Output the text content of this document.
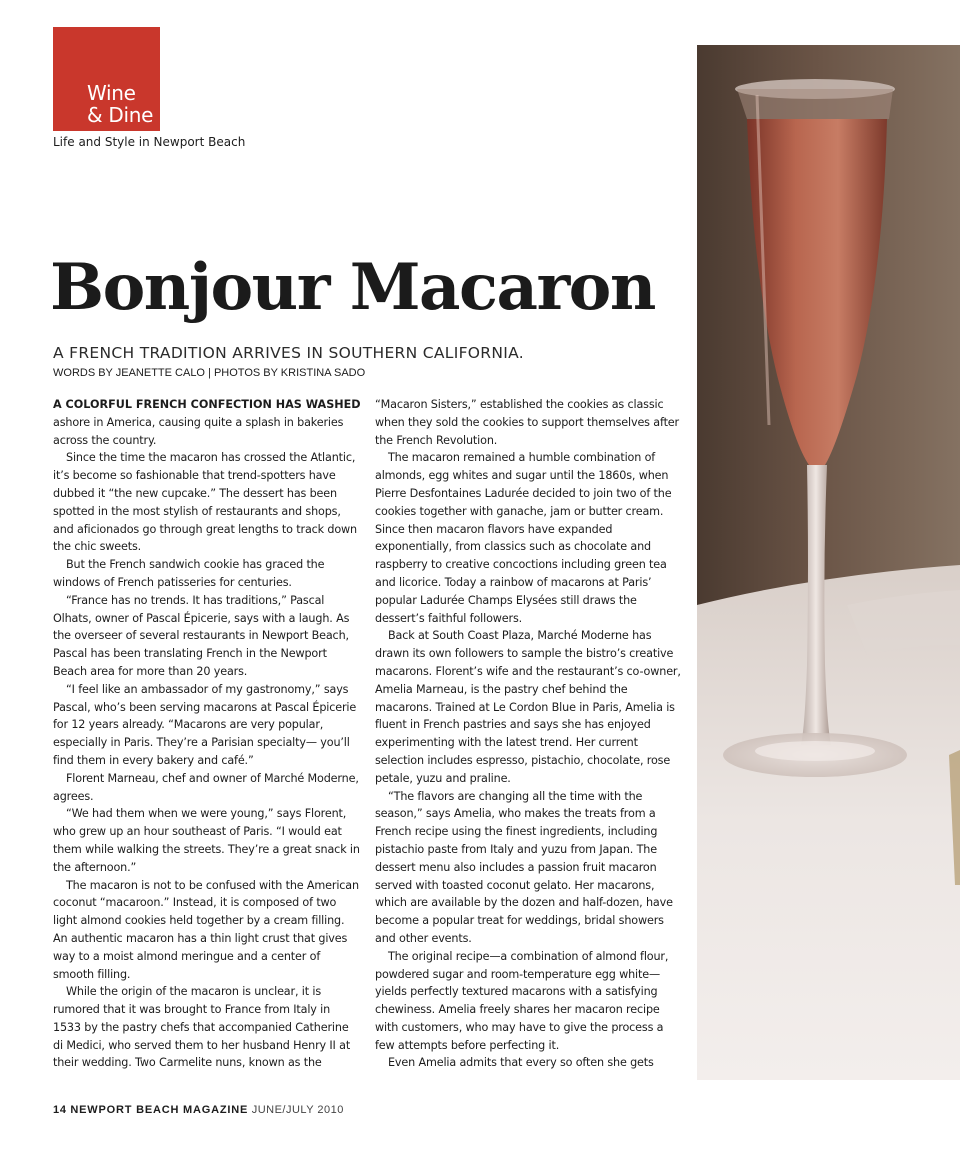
Wine
& Dine
Life and Style in Newport Beach
Bonjour Macaron
A FRENCH TRADITION ARRIVES IN SOUTHERN CALIFORNIA.
WORDS BY JEANETTE CALO | PHOTOS BY KRISTINA SADO

A COLORFUL FRENCH CONFECTION HAS WASHED ashore in America, causing quite a splash in bakeries across the country.

Since the time the macaron has crossed the Atlantic, it’s become so fashionable that trend-spotters have dubbed it “the new cupcake.” The dessert has been spotted in the most stylish of restaurants and shops, and aficionados go through great lengths to track down the chic sweets.

But the French sandwich cookie has graced the windows of French patisseries for centuries.

“France has no trends. It has traditions,” Pascal Olhats, owner of Pascal Épicerie, says with a laugh. As the overseer of several restaurants in Newport Beach, Pascal has been translating French in the Newport Beach area for more than 20 years.

“I feel like an ambassador of my gastronomy,” says Pascal, who’s been serving macarons at Pascal Épicerie for 12 years already. “Macarons are very popular, especially in Paris. They’re a Parisian specialty— you’ll find them in every bakery and café.”

Florent Marneau, chef and owner of Marché Moderne, agrees.

“We had them when we were young,” says Florent, who grew up an hour southeast of Paris. “I would eat them while walking the streets. They’re a great snack in the afternoon.”

The macaron is not to be confused with the American coconut “macaroon.” Instead, it is composed of two light almond cookies held together by a cream filling. An authentic macaron has a thin light crust that gives way to a moist almond meringue and a center of smooth filling.

While the origin of the macaron is unclear, it is rumored that it was brought to France from Italy in 1533 by the pastry chefs that accompanied Catherine di Medici, who served them to her husband Henry II at their wedding. Two Carmelite nuns, known as the

“Macaron Sisters,” established the cookies as classic when they sold the cookies to support themselves after the French Revolution.

The macaron remained a humble combination of almonds, egg whites and sugar until the 1860s, when Pierre Desfontaines Ladurée decided to join two of the cookies together with ganache, jam or butter cream. Since then macaron flavors have expanded exponentially, from classics such as chocolate and raspberry to creative concoctions including green tea and licorice. Today a rainbow of macarons at Paris’ popular Ladurée Champs Elysées still draws the dessert’s faithful followers.

Back at South Coast Plaza, Marché Moderne has drawn its own followers to sample the bistro’s creative macarons. Florent’s wife and the restaurant’s co-owner, Amelia Marneau, is the pastry chef behind the macarons. Trained at Le Cordon Blue in Paris, Amelia is fluent in French pastries and says she has enjoyed experimenting with the latest trend. Her current selection includes espresso, pistachio, chocolate, rose petale, yuzu and praline.

“The flavors are changing all the time with the season,” says Amelia, who makes the treats from a French recipe using the finest ingredients, including pistachio paste from Italy and yuzu from Japan. The dessert menu also includes a passion fruit macaron served with toasted coconut gelato. Her macarons, which are available by the dozen and half-dozen, have become a popular treat for weddings, bridal showers and other events.

The original recipe—a combination of almond flour, powdered sugar and room-temperature egg white—yields perfectly textured macarons with a satisfying chewiness. Amelia freely shares her macaron recipe with customers, who may have to give the process a few attempts before perfecting it.

Even Amelia admits that every so often she gets

14 NEWPORT BEACH MAGAZINE JUNE/JULY 2010
